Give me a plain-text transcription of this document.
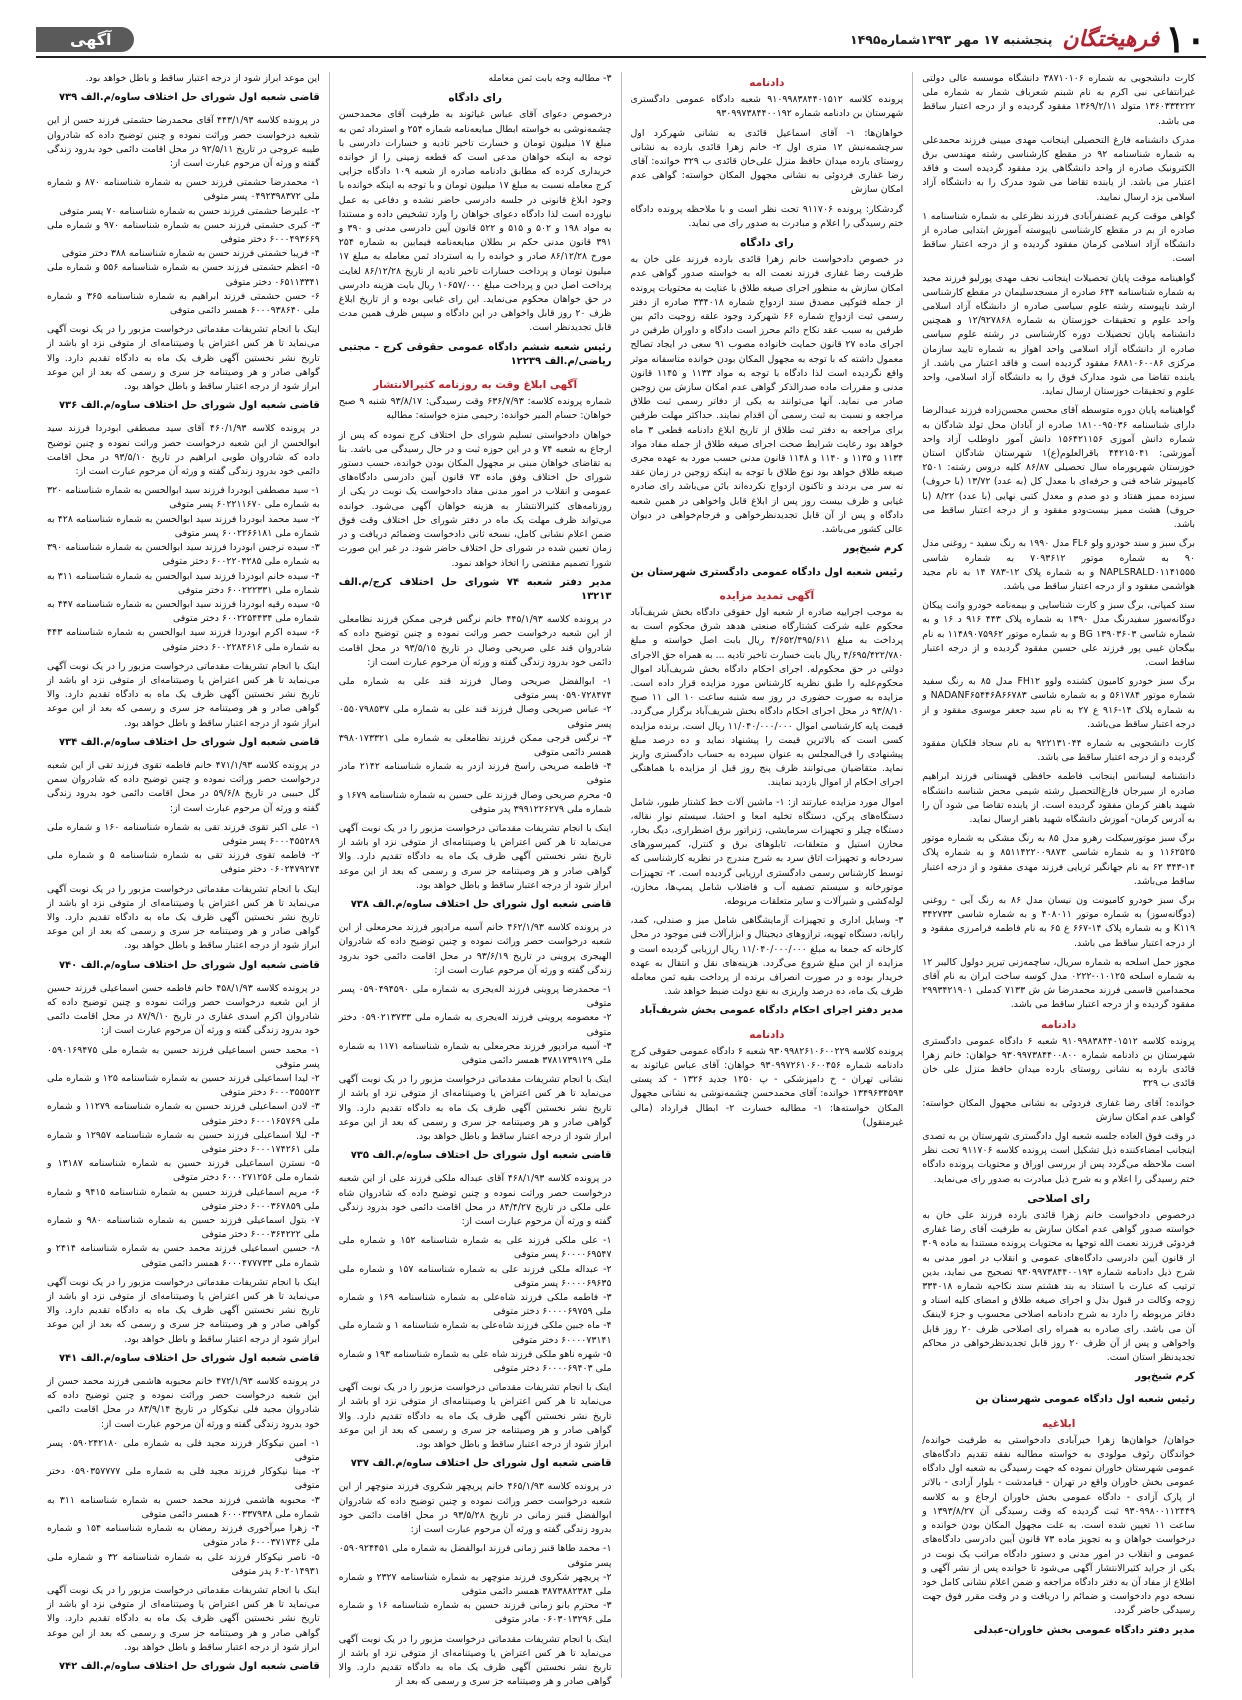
۱۰
فرهیختگان
پنجشنبه ۱۷ مهر ۱۳۹۳شماره۱۴۹۵
آگهی

کارت دانشجویی به شماره ۳۸۷۱۰۱۰۶ دانشگاه موسسه عالی دولتی غیرانتفاعی نبی اکرم به نام شبنم شعرباف شمار به شماره ملی ۱۳۶۰۳۳۴۲۲۲ متولد ۱۳۶۹/۲/۱۱ مفقود گردیده و از درجه اعتبار ساقط می باشد.

مدرک دانشنامه فارغ التحصیلی اینجانب مهدی میینی فرزند محمدعلی به شماره شناسنامه ۹۲ در مقطع کارشناسی رشته مهندسی برق الکترونیک صادره از واحد دانشگاهی یزد مفقود گردیده است و فاقد اعتبار می باشد. از یابنده تقاضا می شود مدرک را به دانشگاه آزاد اسلامی یزد ارسال نمایید.

گواهی موقت کریم غضنفرآبادی فرزند نظرعلی به شماره شناسنامه ۱ صادره از بم در مقطع کارشناسی ناپیوسته آموزش ابتدایی صادره از دانشگاه آزاد اسلامی کرمان مفقود گردیده و از درجه اعتبار ساقط است.

گواهینامه موقت پایان تحصیلات اینجانب نجف مهدی پورلیو فرزند مجید به شماره شناسنامه ۶۴۴ صادره از مسجدسلیمان در مقطع کارشناسی ارشد ناپیوسته رشته علوم سیاسی صادره از دانشگاه آزاد اسلامی واحد علوم و تحقیقات خوزستان به شماره ۱۲/۹۲۷۸۶۸ و همچنین دانشنامه پایان تحصیلات دوره کارشناسی در رشته علوم سیاسی صادره از دانشگاه آزاد اسلامی واحد اهواز به شماره تایید سازمان مرکزی ۶۸۸۱۰۶۰۰۸۶ مفقود گردیده است و فاقد اعتبار می باشد. از یابنده تقاضا می شود مدارک فوق را به دانشگاه آزاد اسلامی، واحد علوم و تحقیقات خوزستان ارسال نماید.

گواهینامه پایان دوره متوسطه آقای محسن محسن‌زاده فرزند عبدالرضا دارای شناسنامه ۱۸۱۰۰۹۵۰۳۶ صادره از آبادان محل تولد شادگان به شماره دانش آموزی ۱۵۶۴۲۱۱۵۶ دانش آموز داوطلب آزاد واحد آموزشی: ۴۴۲۱۵۰۴۱ باقرالعلوم(ع)۱ شهرستان شادگان استان خوزستان شهریورماه سال تحصیلی ۸۶/۸۷ کلیه دروس رشته: ۲۵۰۱ کامپیوتر شاخه فنی و حرفه‌ای با معدل کل (به عدد) ۱۳/۷۲ (با حروف) سیزده ممیز هفتاد و دو صدم و معدل کتبی نهایی (با عدد) ۸/۲۲ (با حروف) هشت ممیز بیست‌ودو مفقود و از درجه اعتبار ساقط می باشد.

برگ سبز و سند خودرو ولو FL۶ مدل ۱۹۹۰ به رنگ سفید - روغنی مدل ۹۰ به شماره موتور ۷۰۹۳۶۱۲ به شماره شاسی NAPLSRALD۰۱۱۴۱۵۵۵ و به شماره پلاک ۱۲-۷۸۳ ۱۴ به نام مجید هواشمی مفقود و از درجه اعتبار ساقط می باشد.

سند کمپانی، برگ سبز و کارت شناسایی و بیمه‌نامه خودرو وانت پیکان دوگانه‌سوز سفیدرنگ مدل ۱۳۹۰ به شماره پلاک ۴۴۳ ۹۱۶ د ۱۶ و به شماره شاسی ۱۳۹۰۳۶۰۳ BG و به شماره موتور ۱۱۴۸۹۰۷۵۹۶۲ به نام بیگجان غیبی پور فرزند علی حسین مفقود گردیده و از درجه اعتبار ساقط است.

برگ سبز خودرو کامیون کشنده ولوو FH۱۲ مدل ۸۵ به رنگ سفید شماره موتور ۵۶۱۷۸۴ و به شماره شاسی NADANF۶۵۴۴۶A۶۶۷۸۳ و به شماره پلاک ۱۴-۹۱۶ ع ۲۷ به نام سید جعفر موسوی مفقود و از درجه اعتبار ساقط می‌باشد.

کارت دانشجویی به شماره ۹۲۲۱۳۱۰۴۴ به نام سجاد فلکیان مفقود گردیده و از درجه اعتبار ساقط می باشد.

دانشنامه لیسانس اینجانب فاطمه حافظی قهستانی فرزند ابراهیم صادره از سیرجان فارغ‌التحصیل رشته شیمی محض شناسه دانشگاه شهید باهنر کرمان مفقود گردیده است. از یابنده تقاضا می شود آن را به آدرس کرمان- آموزش دانشگاه شهید باهنر ارسال نماید.

برگ سبز موتورسیکلت رهرو مدل ۸۵ به رنگ مشکی به شماره موتور ۱۱۶۲۵۲۵ و به شماره شاسی ۸۵۱۱۴۲۲۰۰۹۸۷۳ و به شماره پلاک ۱۴-۳۴۳ ۶۲ به نام جهانگیر ثریایی فرزند مهدی مفقود و از درجه اعتبار ساقط می‌باشد.

برگ سبز خودرو کامیونت ون نیسان مدل ۸۶ به رنگ آبی - روغنی (دوگانه‌سوز) به شماره موتور ۴۰۸۰۱۱ و به شماره شاسی ۳۴۲۷۳۳ K۱۱۹ و به شماره پلاک ۱۴-۶۶۷ ع ۶۵ به نام فاطمه فرامرزی مفقود و از درجه اعتبار ساقط می باشد.

مجوز حمل اسلحه به شماره سریال، ساچمه‌زنی تیرپر دولول کالیبر ۱۲ به شماره اسلحه ۰۱۰۱۲۵-۰۲۲۲ مدل کوسه ساخت ایران به نام آقای محمدامین قاسمی فرزند محمدرضا ش ش ۷۱۳۳ کدملی ۲۹۹۳۴۲۱۹۰۱ مفقود گردیده و از درجه اعتبار ساقط می باشد.

دادنامه

پرونده کلاسه ۹۱۰۹۹۸۳۸۴۴۰۱۵۱۲ شعبه ۶ دادگاه عمومی دادگستری شهرستان بن دادنامه شماره ۹۳۰۹۹۷۳۸۴۴۰۰۸۰۰ خواهان: خانم زهرا قائدی بارده به نشانی روستای بارده میدان حافظ منزل علی خان قائدی ب ۳۲۹

خوانده: آقای رضا غفاری فردوئی به نشانی مجهول المکان خواسته: گواهی عدم امکان سازش

در وقت فوق العاده جلسه شعبه اول دادگستری شهرستان بن به تصدی اینجانب امضاءکننده ذیل تشکیل است پرونده کلاسه ۹۱۱۷۰۶ تحت نظر است ملاحظه می‌گردد پس از بررسی اوراق و محتویات پرونده دادگاه ختم رسیدگی را اعلام و به شرح ذیل مبادرت به صدور رای می‌نماید.

رای اصلاحی

درخصوص دادخواست خانم زهرا قائدی بارده فرزند علی خان به خواسته صدور گواهی عدم امکان سازش به طرفیت آقای رضا غفاری فردوئی فرزند نعمت الله توجها به محتویات پرونده مستندا به ماده ۳۰۹ از قانون آیین دادرسی دادگاه‌های عمومی و انقلاب در امور مدنی به شرح ذیل دادنامه شماره ۹۳۰۹۹۷۳۸۴۴۰۰۱۹۳ تصحیح می نماید، بدین ترتیب که عبارت با استناد به بند هشتم سند نکاحیه شماره ۳۳۴۰۱۸ زوجه وکالت در قبول بذل و اجرای صیغه طلاق و امضای کلیه اسناد و دفاتر مربوطه را دارد به شرح دادنامه اصلاحی محسوب و جزء لاینفک آن می باشد. رای صادره به همراه رای اصلاحی ظرف ۲۰ روز قابل واخواهی و پس از آن ظرف ۲۰ روز قابل تجدیدنظرخواهی در محاکم تجدیدنظر استان است.

کرم شیخ‌پور
رئیس شعبه اول دادگاه عمومی شهرستان بن
ابلاغیه

خواهان/ خواهان‌ها زهرا خیرآبادی دادخواستی به طرفیت خوانده/ خواندگان رئوف مولودی به خواسته مطالبه نفقه تقدیم دادگاه‌های عمومی شهرستان خاوران نموده که جهت رسیدگی به شعبه اول دادگاه عمومی بخش خاوران واقع در تهران - قیامدشت - بلوار آزادی - بالاتر از پارک آزادی - دادگاه عمومی بخش خاوران ارجاع و به کلاسه ۹۳۰۹۹۸۰۰۱۱۲۴۴۹ ثبت گردیده که وقت رسیدگی آن ۱۳۹۳/۸/۲۷ و ساعت ۱۱ تعیین شده است. به علت مجهول المکان بودن خوانده و درخواست خواهان و به تجویز ماده ۷۳ قانون آیین دادرسی دادگاه‌های عمومی و انقلاب در امور مدنی و دستور دادگاه مراتب یک نوبت در یکی از جراید کثیرالانتشار آگهی می‌شود تا خوانده پس از نشر آگهی و اطلاع از مفاد آن به دفتر دادگاه مراجعه و ضمن اعلام نشانی کامل خود نسخه دوم دادخواست و ضمائم را دریافت و در وقت مقرر فوق جهت رسیدگی حاضر گردد.

مدیر دفتر دادگاه عمومی بخش خاوران-عبدلی
دادنامه

پرونده کلاسه ۹۱۰۹۹۸۳۸۴۴۰۱۵۱۲ شعبه دادگاه عمومی دادگستری شهرستان بن دادنامه شماره ۹۳۰۹۹۷۳۸۴۴۰۰۱۹۲

خواهان‌ها: ۱- آقای اسماعیل قائدی به نشانی شهرکرد اول سرچشمه‌نبش ۱۲ متری اول ۲- خانم زهرا قائدی بارده به نشانی روستای بارده میدان حافظ منزل علی‌خان قائدی ب ۳۲۹ خوانده: آقای رضا غفاری فردوئی به نشانی مجهول المکان خواسته: گواهی عدم امکان سازش

گردشکار: پرونده ۹۱۱۷۰۶ تحت نظر است و با ملاحظه پرونده دادگاه ختم رسیدگی را اعلام و مبادرت به صدور رای می نماید.

رای دادگاه

در خصوص دادخواست خانم زهرا قائدی بارده فرزند علی خان به طرفیت رضا غفاری فرزند نعمت اله به خواسته صدور گواهی عدم امکان سازش به منظور اجرای صیغه طلاق با عنایت به محتویات پرونده از جمله فتوکپی مصدق سند ازدواج شماره ۳۳۴۰۱۸ صادره از دفتر رسمی ثبت ازدواج شماره ۶۶ شهرکرد وجود علقه زوجیت دائم بین طرفین به سبب عقد نکاح دائم محرز است دادگاه و داوران طرفین در اجرای ماده ۲۷ قانون حمایت خانواده مصوب ۹۱ سعی در ایجاد تصالح معمول داشته که با توجه به مجهول المکان بودن خوانده متاسفانه موثر واقع نگردیده است لذا دادگاه با توجه به مواد ۱۱۳۳ و ۱۱۴۵ قانون مدنی و مقررات ماده صدرالذکر گواهی عدم امکان سازش بین زوجین صادر می نماید. آنها می‌توانند به یکی از دفاتر رسمی ثبت طلاق مراجعه و نسبت به ثبت رسمی آن اقدام نمایند. حداکثر مهلت طرفین برای مراجعه به دفتر ثبت طلاق از تاریخ ابلاغ دادنامه قطعی ۳ ماه خواهد بود رعایت شرایط صحت اجرای صیغه طلاق از جمله مفاد مواد ۱۱۳۴ و ۱۱۳۵ و ۱۱۴۰ و ۱۱۴۸ قانون مدنی حسب مورد به عهده مجری صیغه طلاق خواهد بود نوع طلاق با توجه به اینکه زوجین در زمان عقد نه سر می بردند و تاکنون ازدواج نکرده‌اند بائن می‌باشد رای صادره غیابی و ظرف بیست روز پس از ابلاغ قابل واخواهی در همین شعبه دادگاه و پس از آن قابل تجدیدنظرخواهی و فرجام‌خواهی در دیوان عالی کشور می‌باشد.

کرم شیخ‌پور
رئیس شعبه اول دادگاه عمومی دادگستری شهرستان بن
آگهی تمدید مزایده

به موجب اجراییه صادره از شعبه اول حقوقی دادگاه بخش شریف‌آباد محکوم علیه شرکت کشتارگاه صنعتی هدهد شرق محکوم است به پرداخت به مبلغ ۴/۶۵۲/۴۹۵/۶۱۱ ریال بابت اصل خواسته و مبلغ ۴/۶۹۵/۴۲۲/۷۸۰ ریال بابت خسارت تاخیر تادیه ... به همراه حق الاجرای دولتی در حق محکوم‌له. اجرای احکام دادگاه بخش شریف‌آباد اموال محکوم‌علیه را طبق نظریه کارشناس مورد مزایده قرار داده است. مزایده به صورت حضوری در روز سه شنبه ساعت ۱۰ الی ۱۱ صبح ۹۳/۸/۱۰ در محل اجرای احکام دادگاه بخش شریف‌آباد برگزار می‌گردد. قیمت پایه کارشناسی اموال ۱۱/۰۴۰/۰۰۰/۰۰۰ ریال است. برنده مزایده کسی است که بالاترین قیمت را پیشنهاد نماید و ده درصد مبلغ پیشنهادی را فی‌المجلس به عنوان سپرده به حساب دادگستری واریز نماید. متقاضیان می‌توانند ظرف پنج روز قبل از مزایده با هماهنگی اجرای احکام از اموال بازدید نمایند.

اموال مورد مزایده عبارتند از: ۱- ماشین آلات خط کشتار طیور، شامل دستگاه‌های پرکن، دستگاه تخلیه امعا و احشا، سیستم نوار نقاله، دستگاه چیلر و تجهیزات سرمایشی، ژنراتور برق اضطراری، دیگ بخار، مخازن استیل و متعلقات، تابلوهای برق و کنترل، کمپرسورهای سردخانه و تجهیزات اتاق سرد به شرح مندرج در نظریه کارشناسی که توسط کارشناس رسمی دادگستری ارزیابی گردیده است. ۲- تجهیزات موتورخانه و سیستم تصفیه آب و فاضلاب شامل پمپ‌ها، مخازن، لوله‌کشی و شیرآلات و سایر متعلقات مربوطه.

۳- وسایل اداری و تجهیزات آزمایشگاهی شامل میز و صندلی، کمد، رایانه، دستگاه تهویه، ترازوهای دیجیتال و ابزارآلات فنی موجود در محل کارخانه که جمعا به مبلغ ۱۱/۰۴۰/۰۰۰/۰۰۰ ریال ارزیابی گردیده است و مزایده از این مبلغ شروع می‌گردد. هزینه‌های نقل و انتقال به عهده خریدار بوده و در صورت انصراف برنده از پرداخت بقیه ثمن معامله ظرف یک ماه، ده درصد واریزی به نفع دولت ضبط خواهد شد.

مدیر دفتر اجرای احکام دادگاه عمومی بخش شریف‌آباد
دادنامه

پرونده کلاسه ۹۳۰۹۹۸۲۶۱۰۶۰۰۲۲۹ شعبه ۶ دادگاه عمومی حقوقی کرج دادنامه شماره ۹۳۰۹۹۷۲۶۱۰۶۰۰۴۵۶ خواهان: آقای عباس غیاثوند به نشانی تهران - خ دامپزشکی - پ ۱۲۵۰ جدید ۱۳۲۶ - کد پستی ۱۳۴۹۶۳۴۵۹۳ خوانده: آقای محمدحسن چشمه‌نوشی به نشانی مجهول المکان خواسته‌ها: ۱- مطالبه خسارت ۲- ابطال قرارداد (مالی غیرمنقول)

۳- مطالبه وجه بابت ثمن معامله

رای دادگاه

درخصوص دعوای آقای عباس غیاثوند به طرفیت آقای محمدحسن چشمه‌نوشی به خواسته ابطال مبایعه‌نامه شماره ۲۵۴ و استرداد ثمن به مبلغ ۱۷ میلیون تومان و خسارت تاخیر تادیه و خسارات دادرسی با توجه به اینکه خواهان مدعی است که قطعه زمینی را از خوانده خریداری کرده که مطابق دادنامه صادره از شعبه ۱۰۹ دادگاه جزایی کرج معامله نسبت به مبلغ ۱۷ میلیون تومان و با توجه به اینکه خوانده با وجود ابلاغ قانونی در جلسه دادرسی حاضر نشده و دفاعی به عمل نیاورده است لذا دادگاه دعوای خواهان را وارد تشخیص داده و مستندا به مواد ۱۹۸ و ۵۰۲ و ۵۱۵ و ۵۲۲ قانون آیین دادرسی مدنی و ۳۹۰ و ۳۹۱ قانون مدنی حکم بر بطلان مبایعه‌نامه فیمابین به شماره ۲۵۴ مورخ ۸۶/۱۲/۲۸ صادر و خوانده را به استرداد ثمن معامله به مبلغ ۱۷ میلیون تومان و پرداخت خسارات تاخیر تادیه از تاریخ ۸۶/۱۲/۲۸ لغایت پرداخت اصل دین و پرداخت مبلغ ۱۰۶۵۷/۰۰۰ ریال بابت هزینه دادرسی در حق خواهان محکوم می‌نماید. این رای غیابی بوده و از تاریخ ابلاغ ظرف ۲۰ روز قابل واخواهی در این دادگاه و سپس ظرف همین مدت قابل تجدیدنظر است.

رئیس شعبه ششم دادگاه عمومی حقوقی کرج - مجتبی ریاضی/م.الف ۱۲۲۳۹
آگهی ابلاغ وقت به روزنامه کثیرالانتشار

شماره پرونده کلاسه: ۶۳۶/۷/۹۳ وقت رسیدگی: ۹۳/۸/۱۷ شنبه ۹ صبح خواهان: حسام المیر خوانده: رحیمی منزه خواسته: مطالبه

خواهان دادخواستی تسلیم شورای حل اختلاف کرج نموده که پس از ارجاع به شعبه ۷۴ و در این حوزه ثبت و در حال رسیدگی می باشد. بنا به تقاضای خواهان مبنی بر مجهول المکان بودن خوانده، حسب دستور شورای حل اختلاف وفق ماده ۷۳ قانون آیین دادرسی دادگاه‌های عمومی و انقلاب در امور مدنی مفاد دادخواست یک نوبت در یکی از روزنامه‌های کثیرالانتشار به هزینه خواهان آگهی می‌شود. خوانده می‌تواند ظرف مهلت یک ماه در دفتر شورای حل اختلاف وقت فوق ضمن اعلام نشانی کامل، نسخه ثانی دادخواست وضمائم دریافت و در زمان تعیین شده در شورای حل اختلاف حاضر شود. در غیر این صورت شورا تصمیم مقتضی را اتخاذ خواهد نمود.

مدیر دفتر شعبه ۷۴ شورای حل اختلاف کرج/م.الف ۱۳۲۱۳

در پرونده کلاسه ۴۴۵/۱/۹۳ خانم نرگس فرجی ممکن فرزند نظامعلی از این شعبه درخواست حصر وراثت نموده و چنین توضیح داده که شادروان قند علی صریحی وصال در تاریخ ۹۳/۵/۱۵ در محل اقامت دائمی خود بدرود زندگی گفته و ورثه آن مرحوم عبارت است از:

۱- ابوالفضل صریحی وصال فرزند قند علی به شماره ملی ۰۵۹۰۷۲۸۴۷۴ پسر متوفی
۲- عباس صریحی وصال فرزند قند علی به شماره ملی ۰۵۵۰۷۹۸۵۳۷ پسر متوفی
۳- نرگس فرجی ممکن فرزند نظامعلی به شماره ملی ۳۹۸۰۱۷۳۳۲۱ همسر دائمی متوفی
۴- فاطمه صریحی راسخ فرزند ازدر به شماره شناسنامه ۲۱۴۲ مادر متوفی
۵- محرم صریحی وصال فرزند علی حسین به شماره شناسنامه ۱۶۷۹ و شماره ملی ۳۹۹۱۲۲۶۲۷۹ پدر متوفی

اینک با انجام تشریفات مقدماتی درخواست مزبور را در یک نوبت آگهی می‌نماید تا هر کس اعتراض یا وصیتنامه‌ای از متوفی نزد او باشد از تاریخ نشر نخستین آگهی ظرف یک ماه به دادگاه تقدیم دارد. والا گواهی صادر و هر وصیتنامه جز سری و رسمی که بعد از این موعد ابراز شود از درجه اعتبار ساقط و باطل خواهد بود.

قاضی شعبه اول شورای حل اختلاف ساوه/م.الف ۷۳۸

در پرونده کلاسه ۴۶۲/۱/۹۳ خانم آسیه مرادپور فرزند محرمعلی از این شعبه درخواست حصر وراثت نموده و چنین توضیح داده که شادروان الهیجری پروینی در تاریخ ۹۳/۶/۱۹ در محل اقامت دائمی خود بدرود زندگی گفته و ورثه آن مرحوم عبارت است از:

۱- محمدرضا پروینی فرزند اله‌یجری به شماره ملی ۰۵۹۰۴۹۴۵۹۰ پسر متوفی
۲- معصومه پروینی فرزند اله‌یجری به شماره ملی ۰۵۹۰۲۱۳۷۳۳ دختر متوفی
۳- آسیه مرادپور فرزند محرمعلی به شماره شناسنامه ۱۱۷۱ به شماره ملی ۳۷۸۱۷۳۹۱۲۹ همسر دائمی متوفی

اینک با انجام تشریفات مقدماتی درخواست مزبور را در یک نوبت آگهی می‌نماید تا هر کس اعتراض یا وصیتنامه‌ای از متوفی نزد او باشد از تاریخ نشر نخستین آگهی ظرف یک ماه به دادگاه تقدیم دارد. والا گواهی صادر و هر وصیتنامه جز سری و رسمی که بعد از این موعد ابراز شود از درجه اعتبار ساقط و باطل خواهد بود.

قاضی شعبه اول شورای حل اختلاف ساوه/م.الف ۷۳۵

در پرونده کلاسه ۴۶۸/۱/۹۳ آقای عبداله ملکی فرزند علی از این شعبه درخواست حصر وراثت نموده و چنین توضیح داده که شادروان شاه علی ملکی در تاریخ ۸۴/۴/۲۷ در محل اقامت دائمی خود بدرود زندگی گفته و ورثه آن مرحوم عبارت است از:

۱- علی ملکی فرزند علی به شماره شناسنامه ۱۵۲ و شماره ملی ۶۰۰۰۰۶۹۵۴۷ پسر متوفی
۲- عبداله ملکی فرزند علی به شماره شناسنامه ۱۵۷ و شماره ملی ۶۰۰۰۰۶۹۶۳۵ پسر متوفی
۳- فاطمه ملکی فرزند شاه‌علی به شماره شناسنامه ۱۶۹ و شماره ملی ۶۰۰۰۰۶۹۷۵۹ دختر متوفی
۴- ماه جبین ملکی فرزند شاه‌علی به شماره شناسنامه ۱ و شماره ملی ۶۰۰۰۰۷۳۱۴۱ دختر متوفی
۵- شهره ناهو ملکی فرزند شاه علی به شماره شناسنامه ۱۹۳ و شماره ملی ۶۰۰۰۰۶۹۴۰۳ دختر متوفی

اینک با انجام تشریفات مقدماتی درخواست مزبور را در یک نوبت آگهی می‌نماید تا هر کس اعتراض یا وصیتنامه‌ای از متوفی نزد او باشد از تاریخ نشر نخستین آگهی ظرف یک ماه به دادگاه تقدیم دارد. والا گواهی صادر و هر وصیتنامه جز سری و رسمی که بعد از این موعد ابراز شود از درجه اعتبار ساقط و باطل خواهد بود.

قاضی شعبه اول شورای حل اختلاف ساوه/م.الف ۷۳۷

در پرونده کلاسه ۴۶۵/۱/۹۳ خانم پریچهر شکروی فرزند منوچهر از این شعبه درخواست حصر وراثت نموده و چنین توضیح داده که شادروان ابوالفضل قنبر زمانی در تاریخ ۹۳/۵/۲۸ در محل اقامت دائمی خود بدرود زندگی گفته و ورثه آن مرحوم عبارت است از:

۱- محمد طاها قنبر زمانی فرزند ابوالفضل به شماره ملی ۰۵۹۰۹۲۴۴۵۱ پسر متوفی
۲- پریچهر شکروی فرزند منوچهر به شماره شناسنامه ۲۳۲۷ و شماره ملی ۳۸۷۳۸۸۲۳۸۴ همسر دائمی متوفی
۳- محترم بانو زمانی فرزند حسین به شماره شناسنامه ۱۶ و شماره ملی ۰۶۰۳۰۱۳۲۹۶ مادر متوفی

اینک با انجام تشریفات مقدماتی درخواست مزبور را در یک نوبت آگهی می‌نماید تا هر کس اعتراض یا وصیتنامه‌ای از متوفی نزد او باشد از تاریخ نشر نخستین آگهی ظرف یک ماه به دادگاه تقدیم دارد. والا گواهی صادر و هر وصیتنامه جز سری و رسمی که بعد از

این موعد ابراز شود از درجه اعتبار ساقط و باطل خواهد بود.

قاضی شعبه اول شورای حل اختلاف ساوه/م.الف ۷۳۹

در پرونده کلاسه ۴۴۳/۱/۹۳ آقای محمدرضا حشمتی فرزند حسن از این شعبه درخواست حصر وراثت نموده و چنین توضیح داده که شادروان طیبه عروجی در تاریخ ۹۲/۵/۱۱ در محل اقامت دائمی خود بدرود زندگی گفته و ورثه آن مرحوم عبارت است از:

۱- محمدرضا حشمتی فرزند حسن به شماره شناسنامه ۸۷۰ و شماره ملی ۰۴۹۲۳۹۸۳۷۲ پسر متوفی
۲- علیرضا حشمتی فرزند حسن به شماره شناسنامه ۷۰ پسر متوفی
۳- کبری حشمتی فرزند حسن به شماره شناسنامه ۹۷۰ و شماره ملی ۶۰۰۰۴۹۳۶۶۹ دختر متوفی
۴- فریبا حشمتی فرزند حسن به شماره شناسنامه ۳۸۸ دختر متوفی
۵- اعظم حشمتی فرزند حسن به شماره شناسنامه ۵۵۶ و شماره ملی ۰۶۵۱۱۳۳۴۱ دختر متوفی
۶- حسن حشمتی فرزند ابراهیم به شماره شناسنامه ۳۶۵ و شماره ملی ۶۰۰۰۹۳۸۶۴۰ همسر دائمی متوفی

اینک با انجام تشریفات مقدماتی درخواست مزبور را در یک نوبت آگهی می‌نماید تا هر کس اعتراض یا وصیتنامه‌ای از متوفی نزد او باشد از تاریخ نشر نخستین آگهی ظرف یک ماه به دادگاه تقدیم دارد. والا گواهی صادر و هر وصیتنامه جز سری و رسمی که بعد از این موعد ابراز شود از درجه اعتبار ساقط و باطل خواهد بود.

قاضی شعبه اول شورای حل اختلاف ساوه/م.الف ۷۳۶

در پرونده کلاسه ۴۶۰/۱/۹۳ آقای سید مصطفی ابودردا فرزند سید ابوالحسن از این شعبه درخواست حصر وراثت نموده و چنین توضیح داده که شادروان طوبی ابراهیم در تاریخ ۹۳/۵/۱۰ در محل اقامت دائمی خود بدرود زندگی گفته و ورثه آن مرحوم عبارت است از:

۱- سید مصطفی ابودردا فرزند سید ابوالحسن به شماره شناسنامه ۳۲۰ به شماره ملی ۶۰۲۲۱۱۶۷۰ پسر متوفی
۲- سید محمد ابودردا فرزند سید ابوالحسن به شماره شناسنامه ۴۲۸ به شماره ملی ۶۰۰۲۲۶۶۱۸۱ پسر متوفی
۳- سیده نرجس ابودردا فرزند سید ابوالحسن به شماره شناسنامه ۳۹۰ به شماره ملی ۶۰۰۲۲۰۴۲۸۵ دختر متوفی
۴- سیده خانم ابودردا فرزند سید ابوالحسن به شماره شناسنامه ۳۱۱ به شماره ملی ۶۰۰۲۲۲۳۳۱ دختر متوفی
۵- سیده رقیه ابودردا فرزند سید ابوالحسن به شماره شناسنامه ۴۴۷ به شماره ملی ۶۰۰۲۲۵۴۴۳۴ دختر متوفی
۶- سیده اکرم ابودردا فرزند سید ابوالحسن به شماره شناسنامه ۴۴۳ به شماره ملی ۶۰۰۲۲۸۴۶۱۶ دختر متوفی

اینک با انجام تشریفات مقدماتی درخواست مزبور را در یک نوبت آگهی می‌نماید تا هر کس اعتراض یا وصیتنامه‌ای از متوفی نزد او باشد از تاریخ نشر نخستین آگهی ظرف یک ماه به دادگاه تقدیم دارد. والا گواهی صادر و هر وصیتنامه جز سری و رسمی که بعد از این موعد ابراز شود از درجه اعتبار ساقط و باطل خواهد بود.

قاضی شعبه اول شورای حل اختلاف ساوه/م.الف ۷۳۴

در پرونده کلاسه ۴۷۱/۱/۹۳ خانم فاطمه تقوی فرزند تقی از این شعبه درخواست حصر وراثت نموده و چنین توضیح داده که شادروان سمن گل حبیبی در تاریخ ۵۹/۶/۸ در محل اقامت دائمی خود بدرود زندگی گفته و ورثه آن مرحوم عبارت است از:

۱- علی اکبر تقوی فرزند تقی به شماره شناسنامه ۱۶۰ و شماره ملی ۶۰۰۰۴۵۵۲۸۹ پسر متوفی
۲- فاطمه تقوی فرزند تقی به شماره شناسنامه ۵ و شماره ملی ۰۶۰۲۴۷۹۲۷۴ دختر متوفی

اینک با انجام تشریفات مقدماتی درخواست مزبور را در یک نوبت آگهی می‌نماید تا هر کس اعتراض یا وصیتنامه‌ای از متوفی نزد او باشد از تاریخ نشر نخستین آگهی ظرف یک ماه به دادگاه تقدیم دارد. والا گواهی صادر و هر وصیتنامه جز سری و رسمی که بعد از این موعد ابراز شود از درجه اعتبار ساقط و باطل خواهد بود.

قاضی شعبه اول شورای حل اختلاف ساوه/م.الف ۷۴۰

در پرونده کلاسه ۴۵۸/۱/۹۳ خانم فاطمه حسن اسماعیلی فرزند حسین از این شعبه درخواست حصر وراثت نموده و چنین توضیح داده که شادروان اکرم اسدی غفاری در تاریخ ۸۷/۹/۱۰ در محل اقامت دائمی خود بدرود زندگی گفته و ورثه آن مرحوم عبارت است از:

۱- محمد حسن اسماعیلی فرزند حسین به شماره ملی ۰۵۹۰۱۶۹۴۷۵ پسر متوفی
۲- لیدا اسماعیلی فرزند حسین به شماره شناسنامه ۱۲۵ و شماره ملی ۶۰۰۰۳۵۵۵۲۳ دختر متوفی
۳- لادن اسماعیلی فرزند حسین به شماره شناسنامه ۱۱۲۷۹ و شماره ملی ۶۰۰۰۱۶۵۷۶۹ دختر متوفی
۴- لیلا اسماعیلی فرزند حسین به شماره شناسنامه ۱۲۹۵۷ و شماره ملی ۶۰۰۰۱۷۴۲۶۱ دختر متوفی
۵- نسترن اسماعیلی فرزند حسین به شماره شناسنامه ۱۳۱۸۷ و شماره ملی ۶۰۰۰۲۷۱۲۵۶ دختر متوفی
۶- مریم اسماعیلی فرزند حسین به شماره شناسنامه ۹۴۱۵ و شماره ملی ۶۰۰۰۳۶۷۸۵۹ دختر متوفی
۷- بتول اسماعیلی فرزند حسین به شماره شناسنامه ۹۸۰ و شماره ملی ۶۰۰۰۳۶۴۲۲۲ دختر متوفی
۸- حسین اسماعیلی فرزند محمد حسن به شماره شناسنامه ۲۴۱۴ و شماره ملی ۶۰۰۰۴۷۷۷۳۳ همسر دائمی متوفی

اینک با انجام تشریفات مقدماتی درخواست مزبور را در یک نوبت آگهی می‌نماید تا هر کس اعتراض یا وصیتنامه‌ای از متوفی نزد او باشد از تاریخ نشر نخستین آگهی ظرف یک ماه به دادگاه تقدیم دارد. والا گواهی صادر و هر وصیتنامه جز سری و رسمی که بعد از این موعد ابراز شود از درجه اعتبار ساقط و باطل خواهد بود.

قاضی شعبه اول شورای حل اختلاف ساوه/م.الف ۷۴۱

در پرونده کلاسه ۴۷۲/۱/۹۳ خانم محبوبه هاشمی فرزند محمد حسن از این شعبه درخواست حصر وراثت نموده و چنین توضیح داده که شادروان مجید فلی نیکوکار در تاریخ ۸۳/۹/۱۴ در محل اقامت دائمی خود بدرود زندگی گفته و ورثه آن مرحوم عبارت است از:

۱- امین نیکوکار فرزند مجید فلی به شماره ملی ۰۵۹۰۲۴۲۱۸۰ پسر متوفی
۲- مینا نیکوکار فرزند مجید فلی به شماره ملی ۰۵۹۰۳۵۷۷۷۷ دختر متوفی
۳- محبوبه هاشمی فرزند محمد حسن به شماره شناسنامه ۳۱۱ به شماره ملی ۶۰۰۰۳۳۷۹۳۸ همسر دائمی متوفی
۴- زهرا میرآخوری فرزند رمضان به شماره شناسنامه ۱۵۴ و شماره ملی ۶۰۰۰۳۷۱۷۳۶ مادر متوفی
۵- ناصر نیکوکار فرزند علی به شماره شناسنامه ۳۲ و شماره ملی ۶۰۲۰۱۴۹۳۱ پدر متوفی

اینک با انجام تشریفات مقدماتی درخواست مزبور را در یک نوبت آگهی می‌نماید تا هر کس اعتراض یا وصیتنامه‌ای از متوفی نزد او باشد از تاریخ نشر نخستین آگهی ظرف یک ماه به دادگاه تقدیم دارد. والا گواهی صادر و هر وصیتنامه جز سری و رسمی که بعد از این موعد ابراز شود از درجه اعتبار ساقط و باطل خواهد بود.

قاضی شعبه اول شورای حل اختلاف ساوه/م.الف ۷۴۲
